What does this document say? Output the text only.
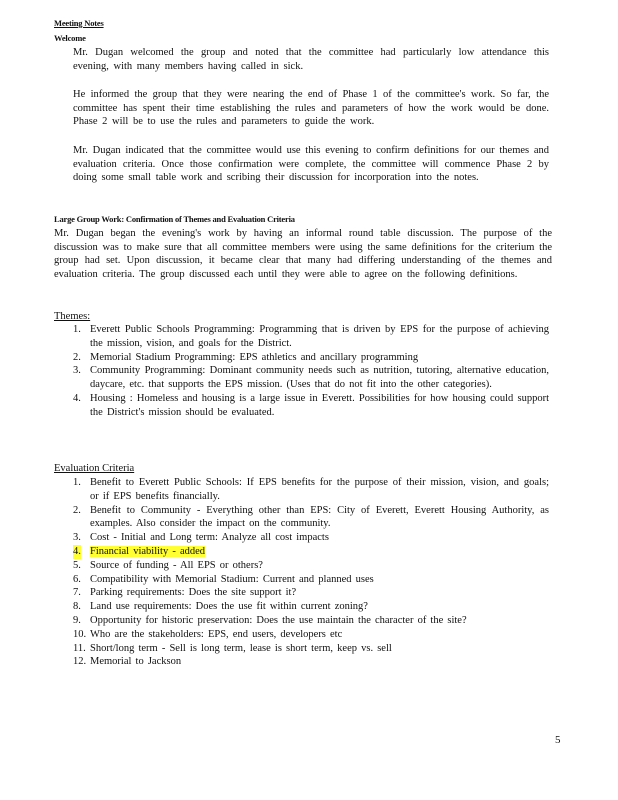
Meeting Notes
Welcome
Mr. Dugan welcomed the group and noted that the committee had particularly low attendance this evening, with many members having called in sick.
He informed the group that they were nearing the end of Phase 1 of the committee's work. So far, the committee has spent their time establishing the rules and parameters of how the work would be done. Phase 2 will be to use the rules and parameters to guide the work.
Mr. Dugan indicated that the committee would use this evening to confirm definitions for our themes and evaluation criteria. Once those confirmation were complete, the committee will commence Phase 2 by doing some small table work and scribing their discussion for incorporation into the notes.
Large Group Work: Confirmation of Themes and Evaluation Criteria
Mr. Dugan began the evening's work by having an informal round table discussion. The purpose of the discussion was to make sure that all committee members were using the same definitions for the criterium the group had set. Upon discussion, it became clear that many had differing understanding of the themes and evaluation criteria. The group discussed each until they were able to agree on the following definitions.
Themes:
1. Everett Public Schools Programming: Programming that is driven by EPS for the purpose of achieving the mission, vision, and goals for the District.
2. Memorial Stadium Programming: EPS athletics and ancillary programming
3. Community Programming: Dominant community needs such as nutrition, tutoring, alternative education, daycare, etc. that supports the EPS mission. (Uses that do not fit into the other categories).
4. Housing : Homeless and housing is a large issue in Everett. Possibilities for how housing could support the District's mission should be evaluated.
Evaluation Criteria
1. Benefit to Everett Public Schools: If EPS benefits for the purpose of their mission, vision, and goals; or if EPS benefits financially.
2. Benefit to Community - Everything other than EPS: City of Everett, Everett Housing Authority, as examples. Also consider the impact on the community.
3. Cost - Initial and Long term: Analyze all cost impacts
4. Financial viability - added
5. Source of funding - All EPS or others?
6. Compatibility with Memorial Stadium: Current and planned uses
7. Parking requirements: Does the site support it?
8. Land use requirements: Does the use fit within current zoning?
9. Opportunity for historic preservation: Does the use maintain the character of the site?
10. Who are the stakeholders: EPS, end users, developers etc
11. Short/long term - Sell is long term, lease is short term, keep vs. sell
12. Memorial to Jackson
5
